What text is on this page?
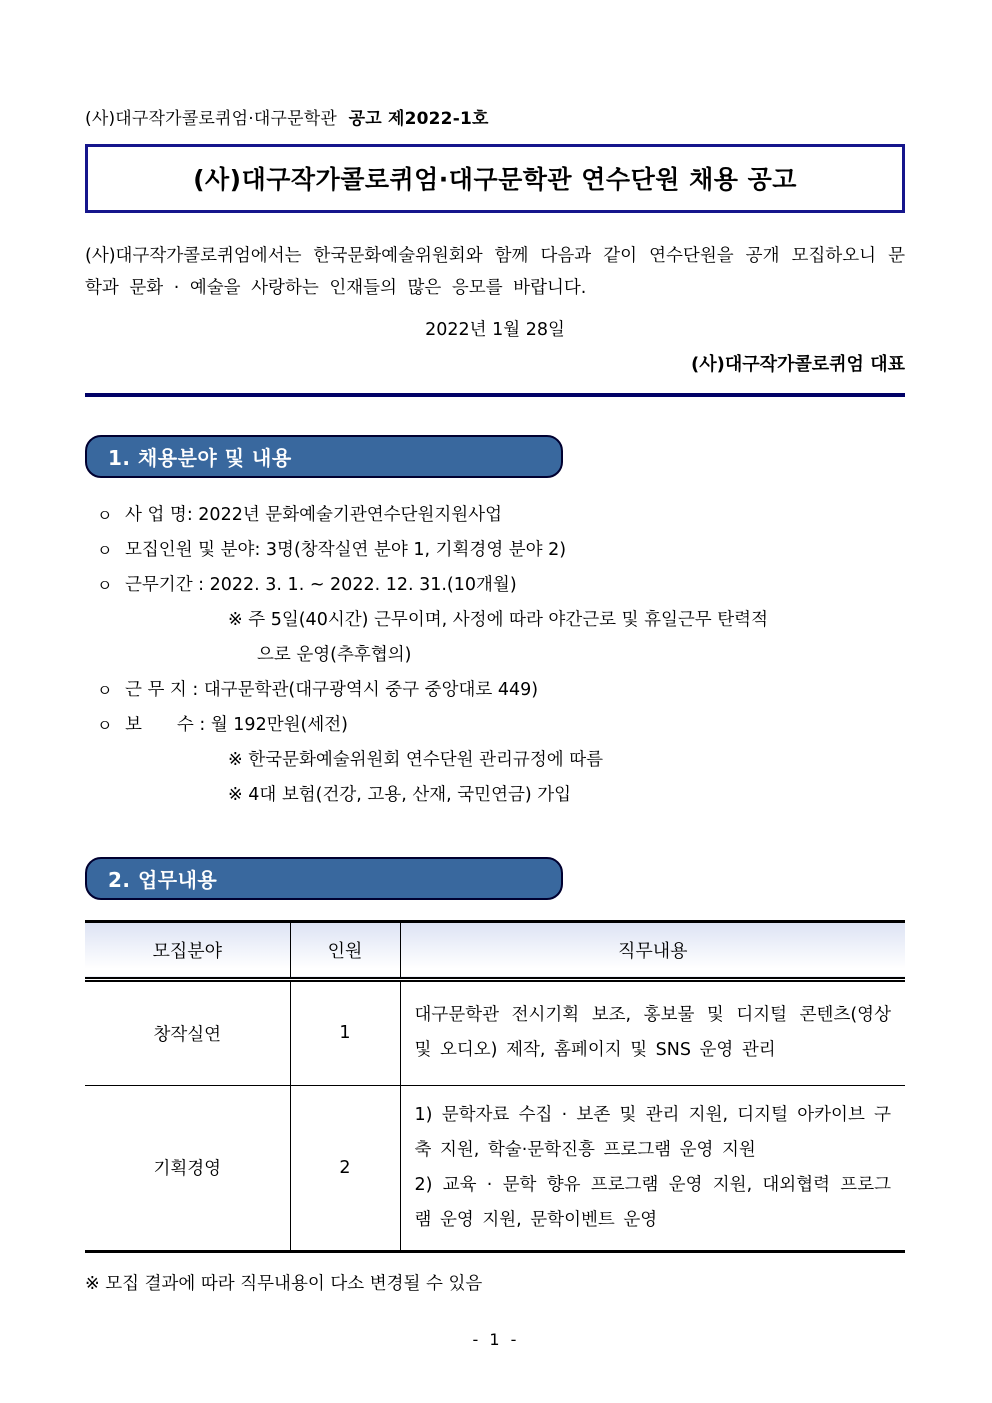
(사)대구작가콜로퀴엄·대구문학관 공고 제2022-1호
(사)대구작가콜로퀴엄·대구문학관 연수단원 채용 공고

(사)대구작가콜로퀴엄에서는 한국문화예술위원회와 함께 다음과 같이 연수단원을 공개 모집하오니 문학과 문화 · 예술을 사랑하는 인재들의 많은 응모를 바랍니다.

2022년 1월 28일
(사)대구작가콜로퀴엄 대표
1. 채용분야 및 내용
ㅇ 사 업 명: 2022년 문화예술기관연수단원지원사업
ㅇ 모집인원 및 분야: 3명(창작실연 분야 1, 기획경영 분야 2)
ㅇ 근무기간 : 2022. 3. 1. ~ 2022. 12. 31.(10개월)
※ 주 5일(40시간) 근무이며, 사정에 따라 야간근로 및 휴일근무 탄력적
으로 운영(추후협의)
ㅇ 근 무 지 : 대구문학관(대구광역시 중구 중앙대로 449)
ㅇ 보　　수 : 월 192만원(세전)
※ 한국문화예술위원회 연수단원 관리규정에 따름
※ 4대 보험(건강, 고용, 산재, 국민연금) 가입
2. 업무내용
모집분야	인원	직무내용
창작실연	1	대구문학관 전시기획 보조, 홍보물 및 디지털 콘텐츠(영상 및 오디오) 제작, 홈페이지 및 SNS 운영 관리

기획경영	2	1) 문학자료 수집 · 보존 및 관리 지원, 디지털 아카이브 구축 지원, 학술·문학진흥 프로그램 운영 지원
2) 교육 · 문학 향유 프로그램 운영 지원, 대외협력 프로그램 운영 지원, 문학이벤트 운영
※ 모집 결과에 따라 직무내용이 다소 변경될 수 있음
- 1 -
